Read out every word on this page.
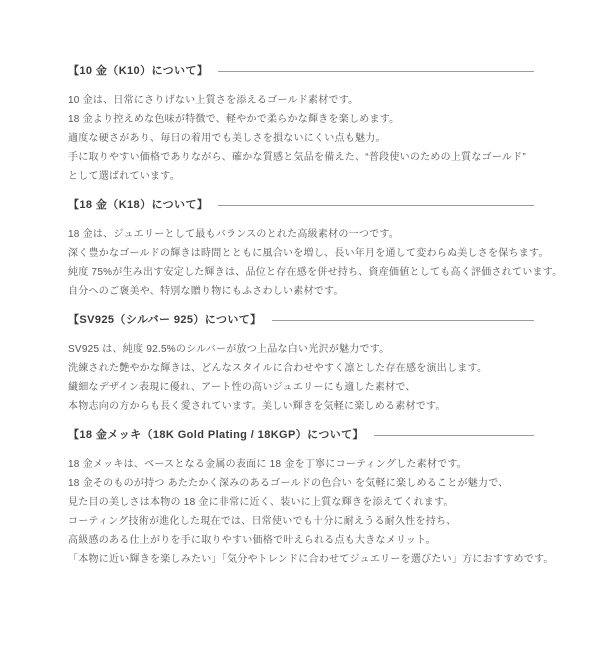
【10 金（K10）について】

10 金は、日常にさりげない上質さを添えるゴールド素材です。

18 金より控えめな色味が特徴で、軽やかで柔らかな輝きを楽しめます。

適度な硬さがあり、毎日の着用でも美しさを損ないにくい点も魅力。

手に取りやすい価格でありながら、確かな質感と気品を備えた、“普段使いのための上質なゴールド”

として選ばれています。

【18 金（K18）について】

18 金は、ジュエリーとして最もバランスのとれた高級素材の一つです。

深く豊かなゴールドの輝きは時間とともに風合いを増し、長い年月を通して変わらぬ美しさを保ちます。

純度 75%が生み出す安定した輝きは、品位と存在感を併せ持ち、資産価値としても高く評価されています。

自分へのご褒美や、特別な贈り物にもふさわしい素材です。

【SV925（シルバー 925）について】

SV925 は、純度 92.5%のシルバーが放つ上品な白い光沢が魅力です。

洗練された艶やかな輝きは、どんなスタイルに合わせやすく凛とした存在感を演出します。

繊細なデザイン表現に優れ、アート性の高いジュエリーにも適した素材で、

本物志向の方からも長く愛されています。美しい輝きを気軽に楽しめる素材です。

【18 金メッキ（18K Gold Plating / 18KGP）について】

18 金メッキは、ベースとなる金属の表面に 18 金を丁寧にコーティングした素材です。

18 金そのものが持つ あたたかく深みのあるゴールドの色合い を気軽に楽しめることが魅力で、

見た目の美しさは本物の 18 金に非常に近く、装いに上質な輝きを添えてくれます。

コーティング技術が進化した現在では、日常使いでも十分に耐えうる耐久性を持ち、

高級感のある仕上がりを手に取りやすい価格で叶えられる点も大きなメリット。

「本物に近い輝きを楽しみたい」「気分やトレンドに合わせてジュエリーを選びたい」方におすすめです。
